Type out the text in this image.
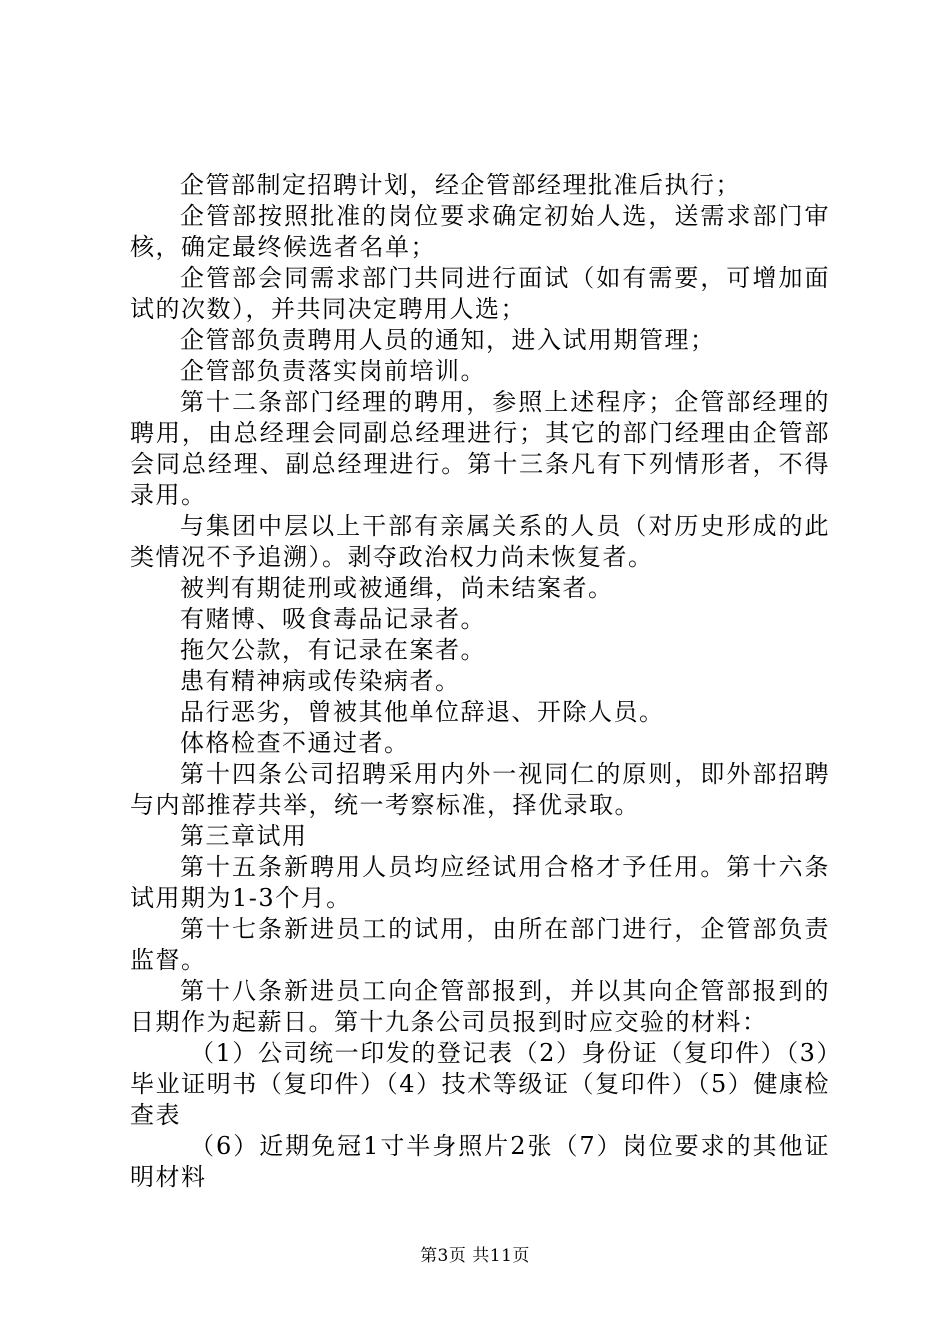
企管部制定招聘计划，经企管部经理批准后执行；

企管部按照批准的岗位要求确定初始人选，送需求部门审核，确定最终候选者名单；

企管部会同需求部门共同进行面试（如有需要，可增加面试的次数），并共同决定聘用人选；

企管部负责聘用人员的通知，进入试用期管理；

企管部负责落实岗前培训。

第十二条部门经理的聘用，参照上述程序；企管部经理的聘用，由总经理会同副总经理进行；其它的部门经理由企管部会同总经理、副总经理进行。第十三条凡有下列情形者，不得录用。

与集团中层以上干部有亲属关系的人员（对历史形成的此类情况不予追溯）。剥夺政治权力尚未恢复者。

被判有期徒刑或被通缉，尚未结案者。

有赌博、吸食毒品记录者。

拖欠公款，有记录在案者。

患有精神病或传染病者。

品行恶劣，曾被其他单位辞退、开除人员。

体格检查不通过者。

第十四条公司招聘采用内外一视同仁的原则，即外部招聘与内部推荐共举，统一考察标准，择优录取。

第三章试用

第十五条新聘用人员均应经试用合格才予任用。第十六条试用期为1-3个月。

第十七条新进员工的试用，由所在部门进行，企管部负责监督。

第十八条新进员工向企管部报到，并以其向企管部报到的日期作为起薪日。第十九条公司员报到时应交验的材料：

（1）公司统一印发的登记表（2）身份证（复印件）（3）毕业证明书（复印件）（4）技术等级证（复印件）（5）健康检查表

（6）近期免冠1寸半身照片2张（7）岗位要求的其他证明材料

第3页 共11页
